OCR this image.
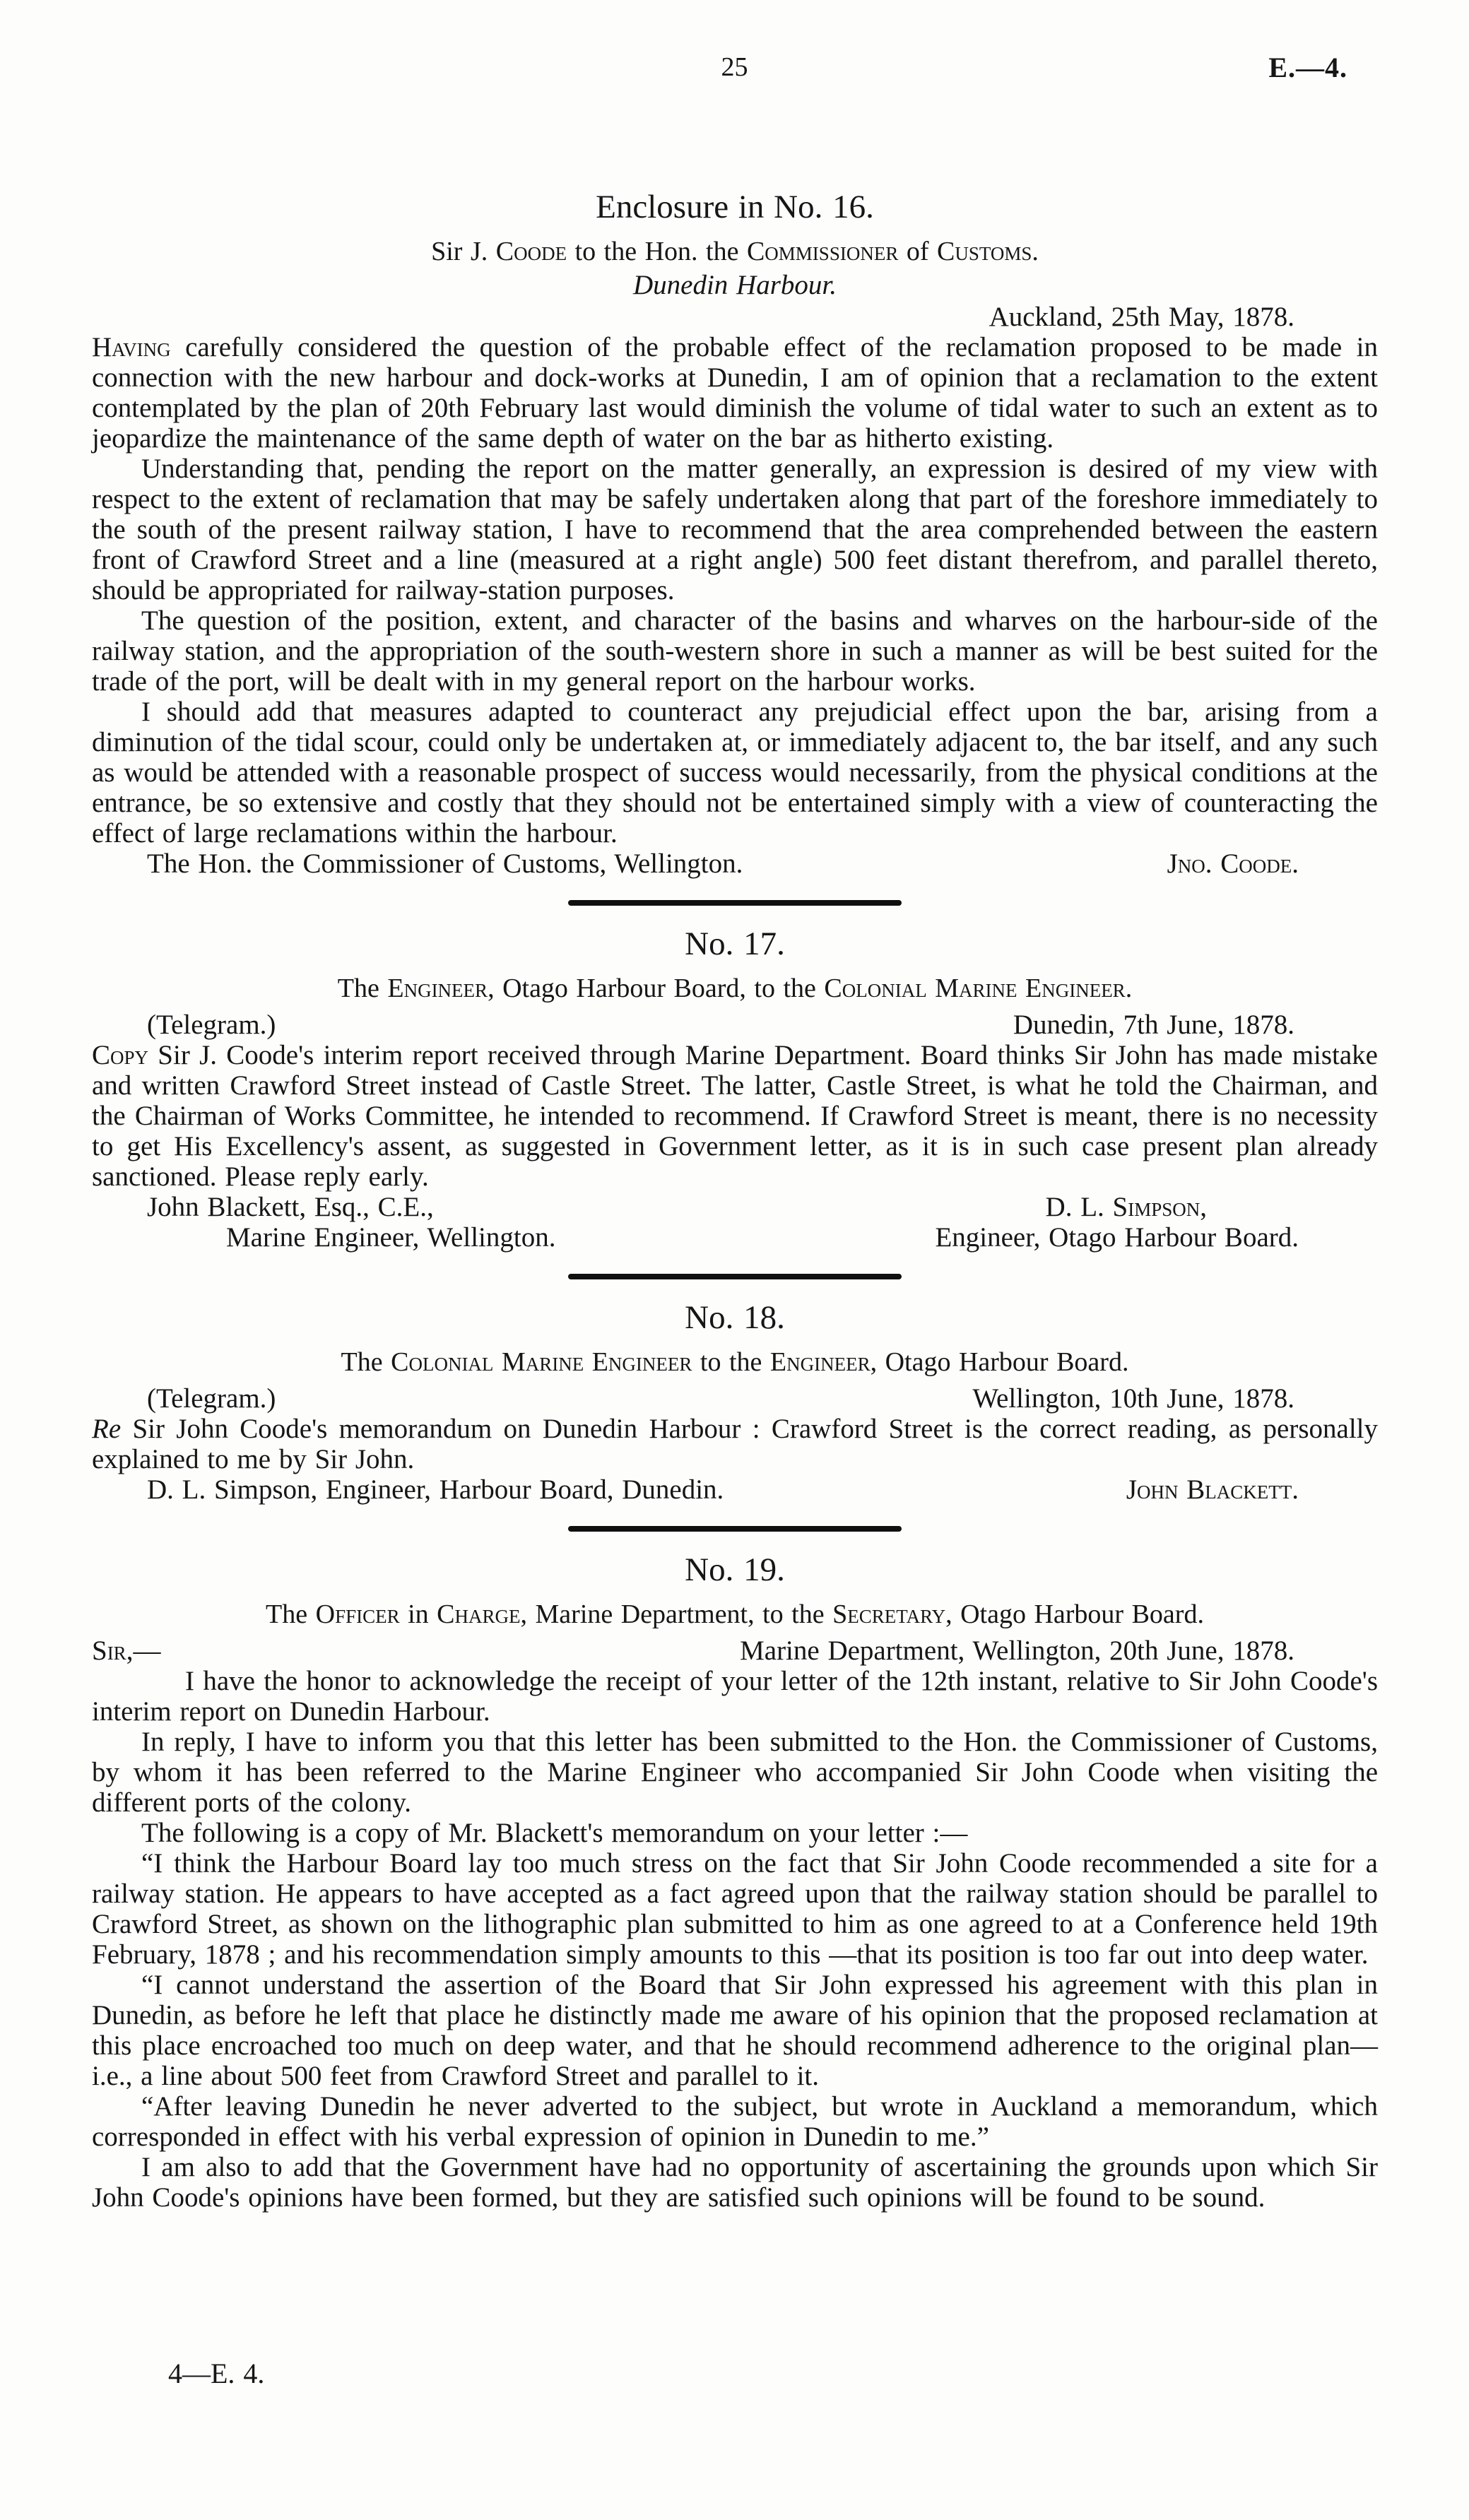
25	E.—4.
Enclosure in No. 16.
Sir J. Coode to the Hon. the Commissioner of Customs.
Dunedin Harbour.
Auckland, 25th May, 1878.

Having carefully considered the question of the probable effect of the reclamation proposed to be made in connection with the new harbour and dock-works at Dunedin, I am of opinion that a reclamation to the extent contemplated by the plan of 20th February last would diminish the volume of tidal water to such an extent as to jeopardize the maintenance of the same depth of water on the bar as hitherto existing.

Understanding that, pending the report on the matter generally, an expression is desired of my view with respect to the extent of reclamation that may be safely undertaken along that part of the foreshore immediately to the south of the present railway station, I have to recommend that the area comprehended between the eastern front of Crawford Street and a line (measured at a right angle) 500 feet distant therefrom, and parallel thereto, should be appropriated for railway-station purposes.

The question of the position, extent, and character of the basins and wharves on the harbour-side of the railway station, and the appropriation of the south-western shore in such a manner as will be best suited for the trade of the port, will be dealt with in my general report on the harbour works.

I should add that measures adapted to counteract any prejudicial effect upon the bar, arising from a diminution of the tidal scour, could only be undertaken at, or immediately adjacent to, the bar itself, and any such as would be attended with a reasonable prospect of success would necessarily, from the physical conditions at the entrance, be so extensive and costly that they should not be entertained simply with a view of counteracting the effect of large reclamations within the harbour.

The Hon. the Commissioner of Customs, Wellington.	Jno. Coode.
No. 17.
The Engineer, Otago Harbour Board, to the Colonial Marine Engineer.
(Telegram.)	Dunedin, 7th June, 1878.

Copy Sir J. Coode's interim report received through Marine Department. Board thinks Sir John has made mistake and written Crawford Street instead of Castle Street. The latter, Castle Street, is what he told the Chairman, and the Chairman of Works Committee, he intended to recommend. If Crawford Street is meant, there is no necessity to get His Excellency's assent, as suggested in Government letter, as it is in such case present plan already sanctioned. Please reply early.

John Blackett, Esq., C.E.,	D. L. Simpson,
Marine Engineer, Wellington.	Engineer, Otago Harbour Board.
No. 18.
The Colonial Marine Engineer to the Engineer, Otago Harbour Board.
(Telegram.)	Wellington, 10th June, 1878.

Re Sir John Coode's memorandum on Dunedin Harbour : Crawford Street is the correct reading, as personally explained to me by Sir John.

D. L. Simpson, Engineer, Harbour Board, Dunedin.	John Blackett.
No. 19.
The Officer in Charge, Marine Department, to the Secretary, Otago Harbour Board.
Sir,—	Marine Department, Wellington, 20th June, 1878.

I have the honor to acknowledge the receipt of your letter of the 12th instant, relative to Sir John Coode's interim report on Dunedin Harbour.

In reply, I have to inform you that this letter has been submitted to the Hon. the Commissioner of Customs, by whom it has been referred to the Marine Engineer who accompanied Sir John Coode when visiting the different ports of the colony.

The following is a copy of Mr. Blackett's memorandum on your letter :—

“I think the Harbour Board lay too much stress on the fact that Sir John Coode recommended a site for a railway station. He appears to have accepted as a fact agreed upon that the railway station should be parallel to Crawford Street, as shown on the lithographic plan submitted to him as one agreed to at a Conference held 19th February, 1878 ; and his recommendation simply amounts to this —that its position is too far out into deep water.

“I cannot understand the assertion of the Board that Sir John expressed his agreement with this plan in Dunedin, as before he left that place he distinctly made me aware of his opinion that the proposed reclamation at this place encroached too much on deep water, and that he should recommend adherence to the original plan—i.e., a line about 500 feet from Crawford Street and parallel to it.

“After leaving Dunedin he never adverted to the subject, but wrote in Auckland a memorandum, which corresponded in effect with his verbal expression of opinion in Dunedin to me.”

I am also to add that the Government have had no opportunity of ascertaining the grounds upon which Sir John Coode's opinions have been formed, but they are satisfied such opinions will be found to be sound.

4—E. 4.
